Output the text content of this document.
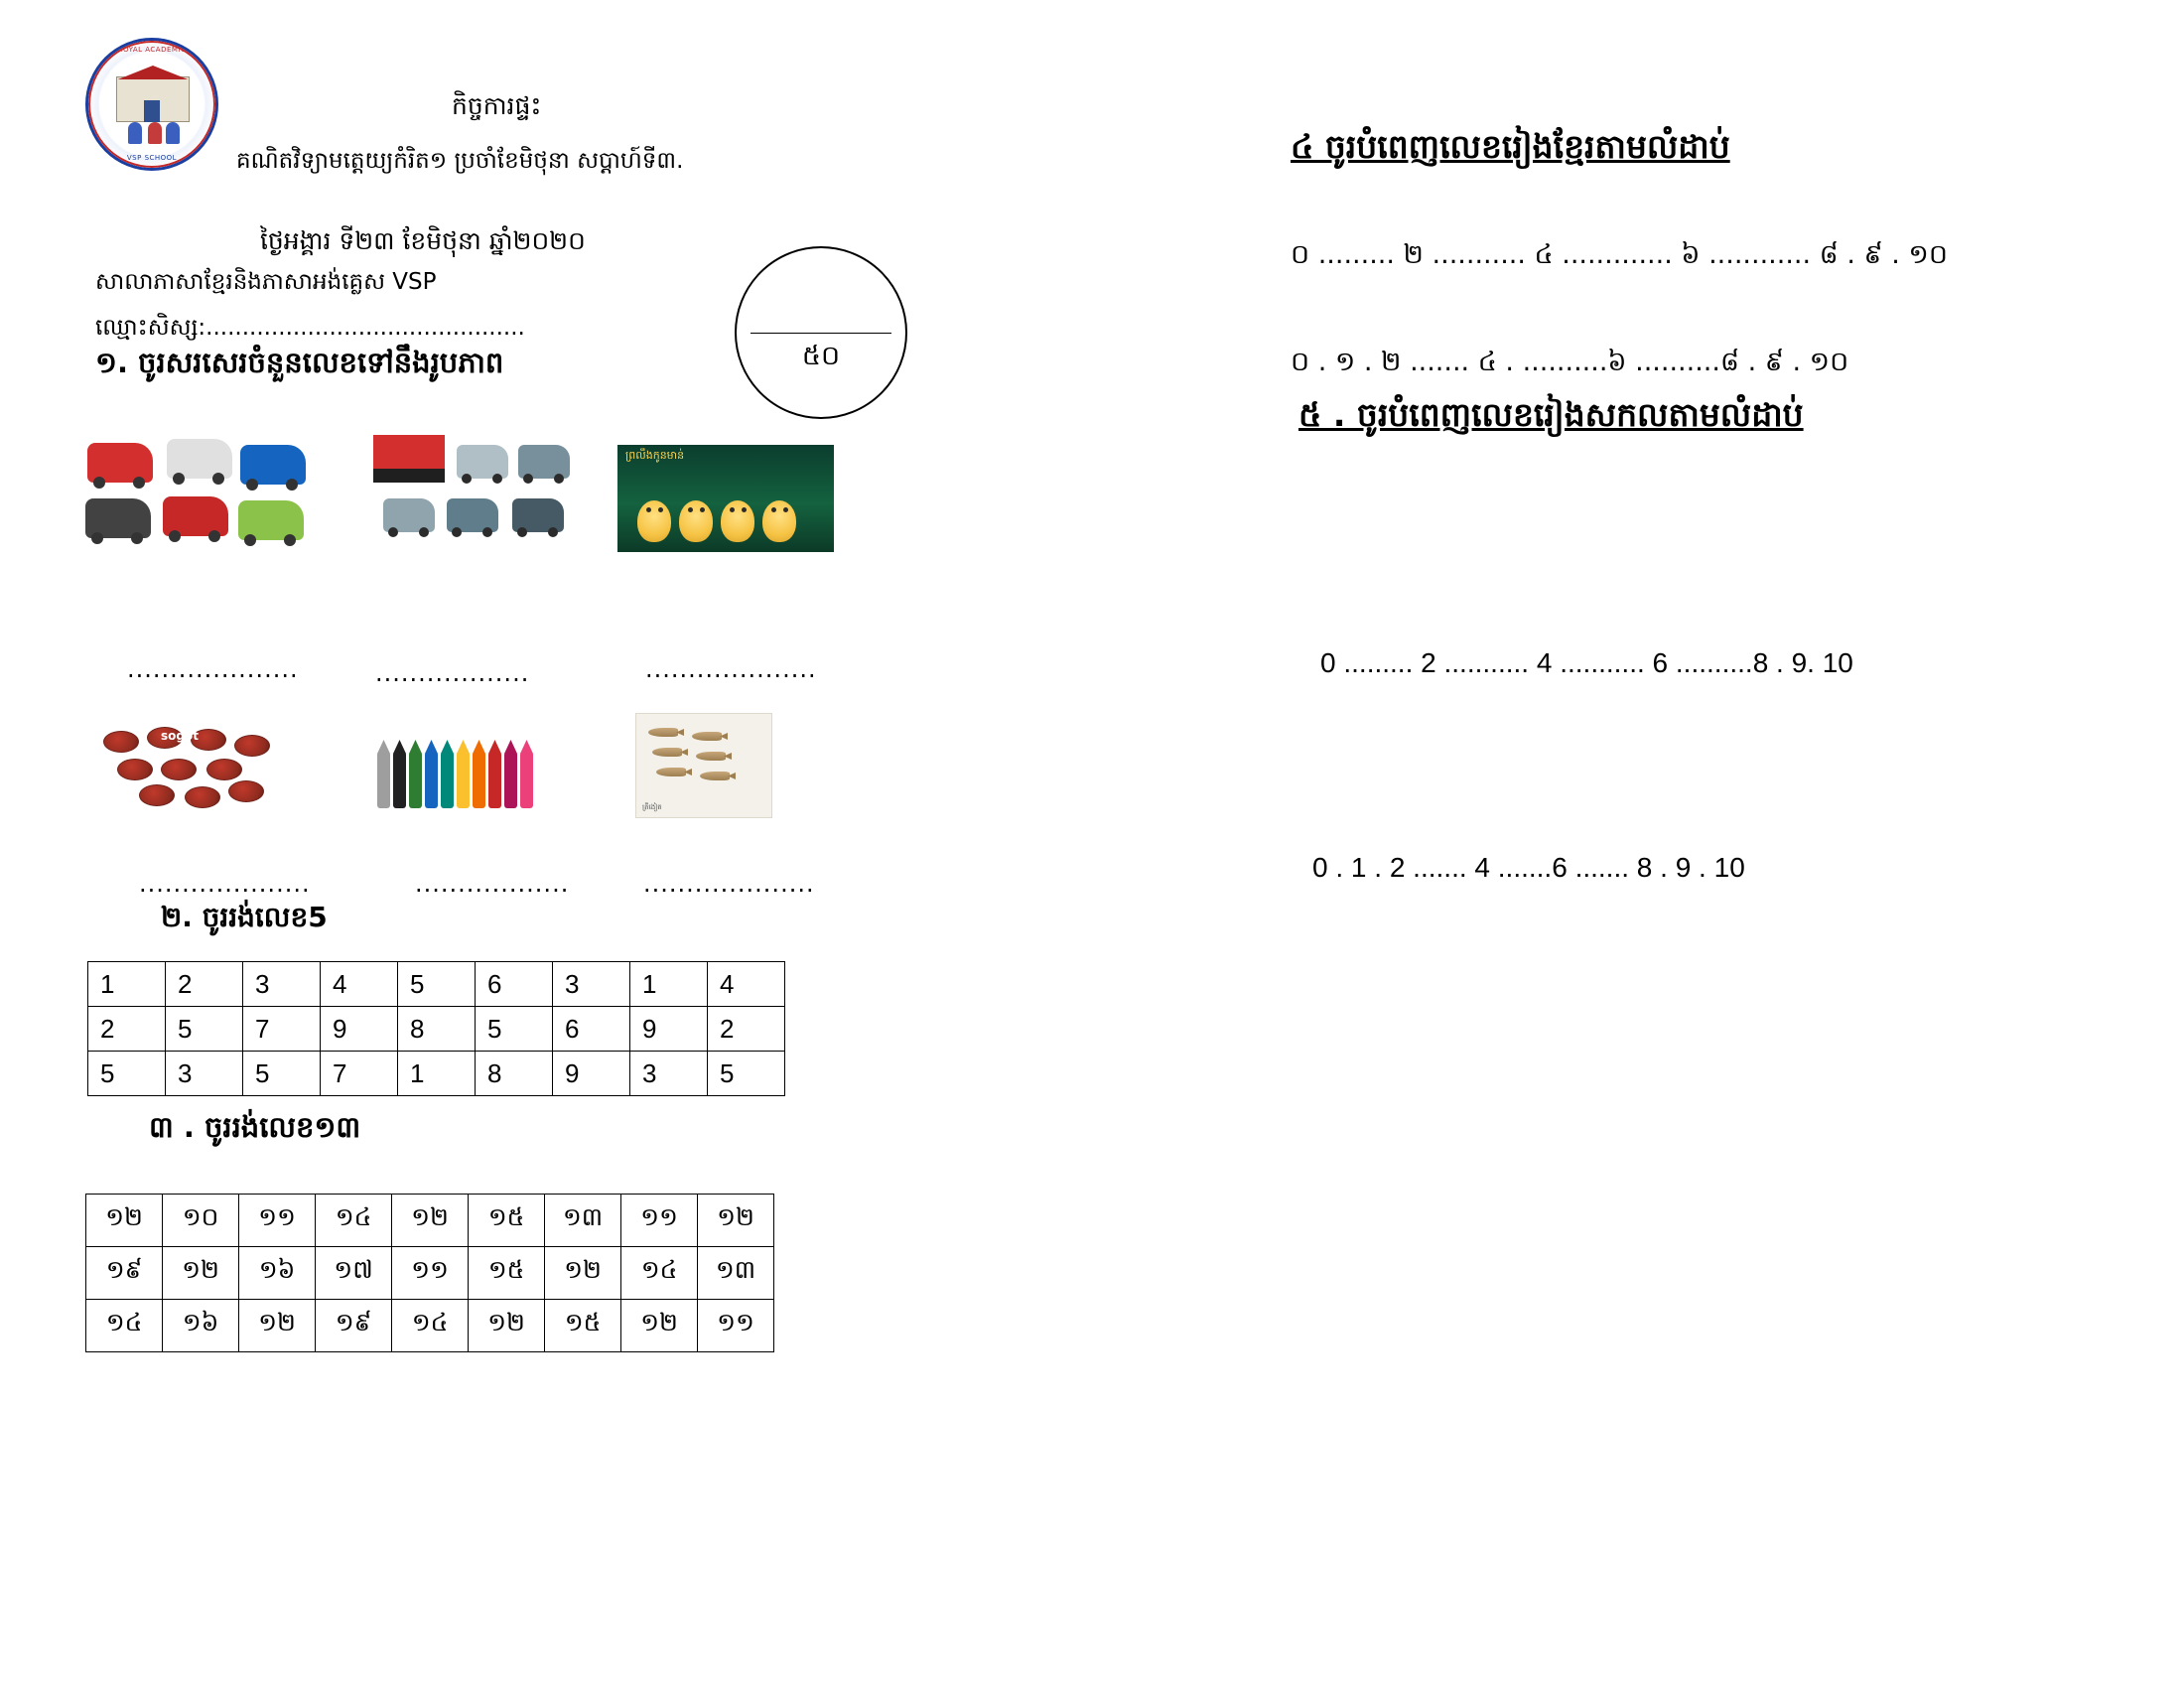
ROYAL ACADEMIC
VSP SCHOOL
កិច្ចការផ្ទះ
គណិតវិទ្យាមត្តេយ្យកំរិត១ ប្រចាំខែមិថុនា សប្តាហ៍ទី៣.
ថ្ងៃអង្គារ ទី២៣ ខែមិថុនា ឆ្នាំ២០២០
សាលាភាសាខ្មែរនិងភាសាអង់គ្លេស VSP
ឈ្មោះសិស្ស:............................................
៥០
១. ចូរសរសេរចំនួនលេខទៅនឹងរូបភាព
ព្រលឹងកូនមាន់
....................	..................	....................
sogot
ត្រីងៀត
....................	..................	....................
២. ចូររង់លេខ5
1	2	3	4	5	6	3	1	4
2	5	7	9	8	5	6	9	2
5	3	5	7	1	8	9	3	5
៣ . ចូររង់លេខ១៣
១២	១០	១១	១៤	១២	១៥	១៣	១១	១២
១៩	១២	១៦	១៧	១១	១៥	១២	១៤	១៣
១៤	១៦	១២	១៩	១៤	១២	១៥	១២	១១
៤ ចូរបំពេញលេខរៀងខ្មែរតាមលំដាប់
០ ......... ២ ........... ៤ ............. ៦ ............ ៨ . ៩ . ១០
០ . ១ . ២ ....... ៤ . ..........៦ ..........៨ . ៩ . ១០
៥ . ចូរបំពេញលេខរៀងសកលតាមលំដាប់
0 ......... 2 ........... 4 ........... 6 ..........8 . 9. 10
0 . 1 . 2 ....... 4 .......6 ....... 8 . 9 . 10
